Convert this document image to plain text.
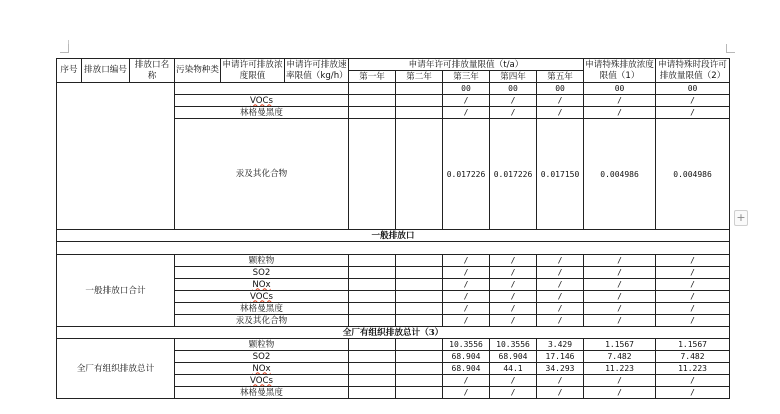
+
序号	排放口编号	排放口名称	污染物种类	申请许可排放浓度限值	申请许可排放速率限值（kg/h）	申请年许可排放量限值（t/a）					申请特殊排放浓度限值（1）	申请特殊时段许可排放量限值（2）	
						第一年	第二年	第三年	第四年	第五年			
								00	00	00	00	00		
			VOCs					/	/	/	/	/		
			林格曼黑度					/	/	/	/	/		
			汞及其化合物					0.017226	0.017226	0.017150	0.004986	0.004986		
一般排放口													

一般排放口合计			颗粒物					/	/	/	/	/		
			SO2					/	/	/	/	/		
			NOx					/	/	/	/	/		
			VOCs					/	/	/	/	/		
			林格曼黑度					/	/	/	/	/		
			汞及其化合物					/	/	/	/	/		
全厂有组织排放总计（3）													
全厂有组织排放总计			颗粒物					10.3556	10.3556	3.429	1.1567	1.1567		
			SO2					68.904	68.904	17.146	7.482	7.482		
			NOx					68.904	44.1	34.293	11.223	11.223		
			VOCs					/	/	/	/	/		
			林格曼黑度					/	/	/	/	/		
